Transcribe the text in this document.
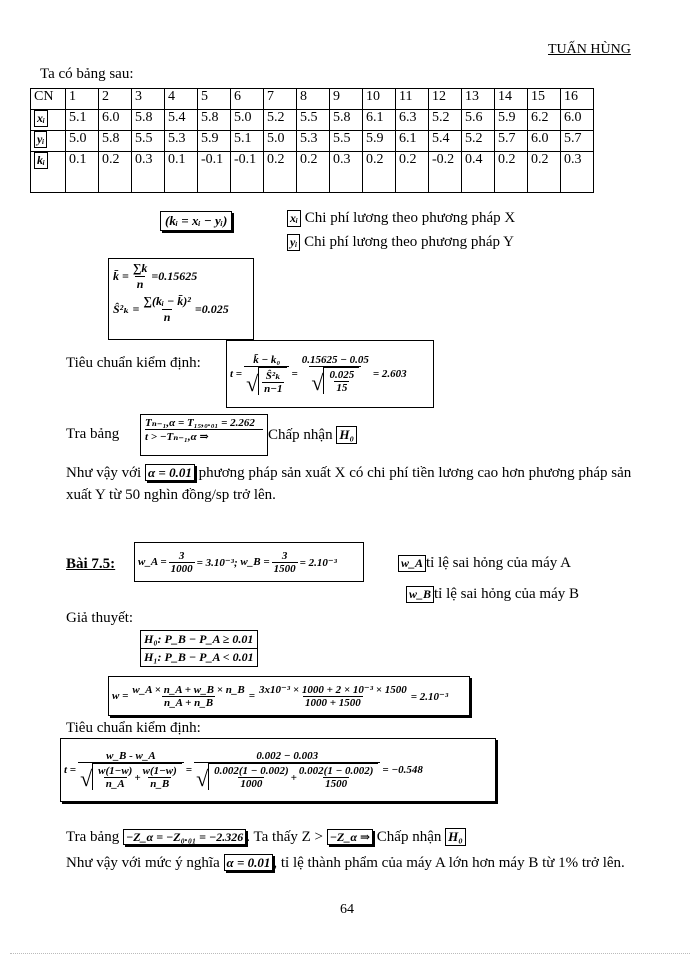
TUẤN HÙNG
Ta có bảng sau:
CN	1	2	3	4	5	6	7	8	9	10	11	12	13	14	15	16
xᵢ	5.1	6.0	5.8	5.4	5.8	5.0	5.2	5.5	5.8	6.1	6.3	5.2	5.6	5.9	6.2	6.0
yᵢ	5.0	5.8	5.5	5.3	5.9	5.1	5.0	5.3	5.5	5.9	6.1	5.4	5.2	5.7	6.0	5.7
kᵢ	0.1	0.2	0.3	0.1	-0.1	-0.1	0.2	0.2	0.3	0.2	0.2	-0.2	0.4	0.2	0.2	0.3
(kᵢ = xᵢ − yᵢ)	xᵢ Chi phí lương theo phương pháp X
yᵢ Chi phí lương theo phương pháp Y
k̄ = $\frac{\sum k}{n} = 0.15625$
Ŝ²ₖ = $\frac{\text{∑(kᵢ − k̄)²}}{n} = 0.025$
Tiêu chuẩn kiểm định:
$t = \frac{\text{k̄ − k₀}}{√ \frac{\text{Ŝ²ₖ}}{n-1}} = \frac{0.15625 - 0.05}{√ \frac{0.025}{15}} = 2.603$
Tra bảng
Tₙ₋₁,α = T₁₅,₀.₀₁ = 2.262
t > −Tₙ₋₁,α ⇒	Chấp nhận H₀
Như vậy với α = 0.01 phương pháp sản xuất X có chi phí tiền lương cao hơn phương pháp sản xuất Y từ 50 nghìn đồng/sp trở lên.
Bài 7.5: w_A = $\frac{3}{1000} = 3.10^{-3}$; w_B = $\frac{3}{1500} = 2.10^{-3}$	w_A tỉ lệ sai hỏng của máy A
w_B tỉ lệ sai hỏng của máy B
Giả thuyết:
H₀: P_B − P_A ≥ 0.01
H₁: P_B − P_A < 0.01
$w = \frac{w\_A \times n\_A + w\_B \times n\_B}{n\_A + n\_B} = \frac{\text{3x10⁻³ × 1000 + 2 × 10⁻³ × 1500}}{1000 + 1500} = 2.10^{-3}$
Tiêu chuẩn kiểm định:
$t = \frac{w\_B - w\_A}{√ \frac{w(1-w)}{n\_A} + \frac{w(1-w)}{n\_B}} = \frac{0.002 - 0.003}{√ \frac{0.002(1 - 0.002)}{1000} + \frac{0.002(1 - 0.002)}{1500}} = -0.548$
Tra bảng −Z_α = −Z₀.₀₁ = −2.326 . Ta thấy Z > −Z_α ⇒ Chấp nhận H₀
Như vậy với mức ý nghĩa α = 0.01 , tỉ lệ thành phẩm của máy A lớn hơn máy B từ 1% trở lên.
64
